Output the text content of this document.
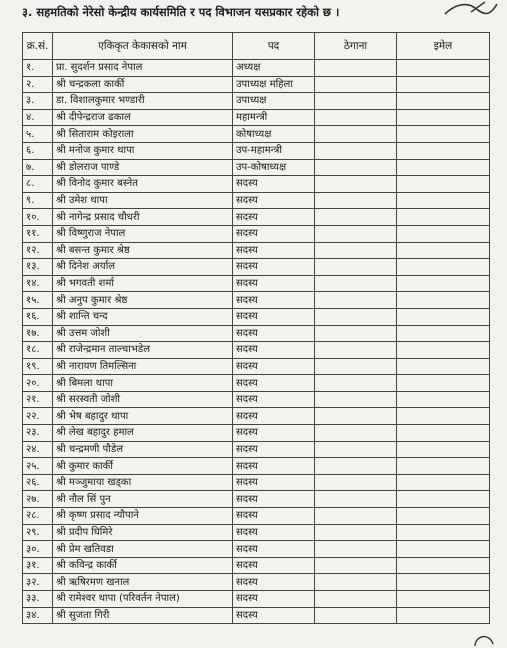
३. सहमतिको नेरेसो केन्द्रीय कार्यसमिति र पद विभाजन यसप्रकार रहेको छ ।
क्र.सं.	एकिकृत केकासको नाम	पद	ठेगाना	इमेल
१.	प्रा. सुदर्शन प्रसाद नेपाल	अध्यक्ष		
२.	श्री चन्द्रकला कार्की	उपाध्यक्ष महिला		
३.	डा. विशालकुमार भण्डारी	उपाध्यक्ष		
४.	श्री दीपेन्द्रराज ढकाल	महामन्त्री		
५.	श्री सिताराम कोइराला	कोषाध्यक्ष		
६.	श्री मनोज कुमार थापा	उप-महामन्त्री		
७.	श्री डोलराज पाण्डे	उप-कोषाध्यक्ष		
८.	श्री विनोद कुमार बस्नेत	सदस्य		
९.	श्री उमेश थापा	सदस्य		
१०.	श्री नागेन्द्र प्रसाद चौधरी	सदस्य		
११.	श्री विष्णुराज नेपाल	सदस्य		
१२.	श्री बसन्त कुमार श्रेष्ठ	सदस्य		
१३.	श्री दिनेश अर्याल	सदस्य		
१४.	श्री भगवती शर्मा	सदस्य		
१५.	श्री अनुप कुमार श्रेष्ठ	सदस्य		
१६.	श्री शान्ति चन्द	सदस्य		
१७.	श्री उत्तम जोशी	सदस्य		
१८.	श्री राजेन्द्रमान ताल्चाभडेल	सदस्य		
१९.	श्री नारायण तिमल्सिना	सदस्य		
२०.	श्री बिमला थापा	सदस्य		
२१.	श्री सरस्वती जोशी	सदस्य		
२२.	श्री भेष बहादुर थापा	सदस्य		
२३.	श्री लेख बहादुर हमाल	सदस्य		
२४.	श्री चन्द्रमणी पौडेल	सदस्य		
२५.	श्री कुमार कार्की	सदस्य		
२६.	श्री मञ्जुमाया खड्का	सदस्य		
२७.	श्री नौल सिं पुन	सदस्य		
२८.	श्री कृष्ण प्रसाद न्यौपाने	सदस्य		
२९.	श्री प्रदीप घिमिरे	सदस्य		
३०.	श्री प्रेम खतिवडा	सदस्य		
३१.	श्री कविन्द्र कार्की	सदस्य		
३२.	श्री ऋषिरमण खनाल	सदस्य		
३३.	श्री रामेश्वर थापा (परिवर्तन नेपाल)	सदस्य		
३४.	श्री सुजता गिरी	सदस्य		
